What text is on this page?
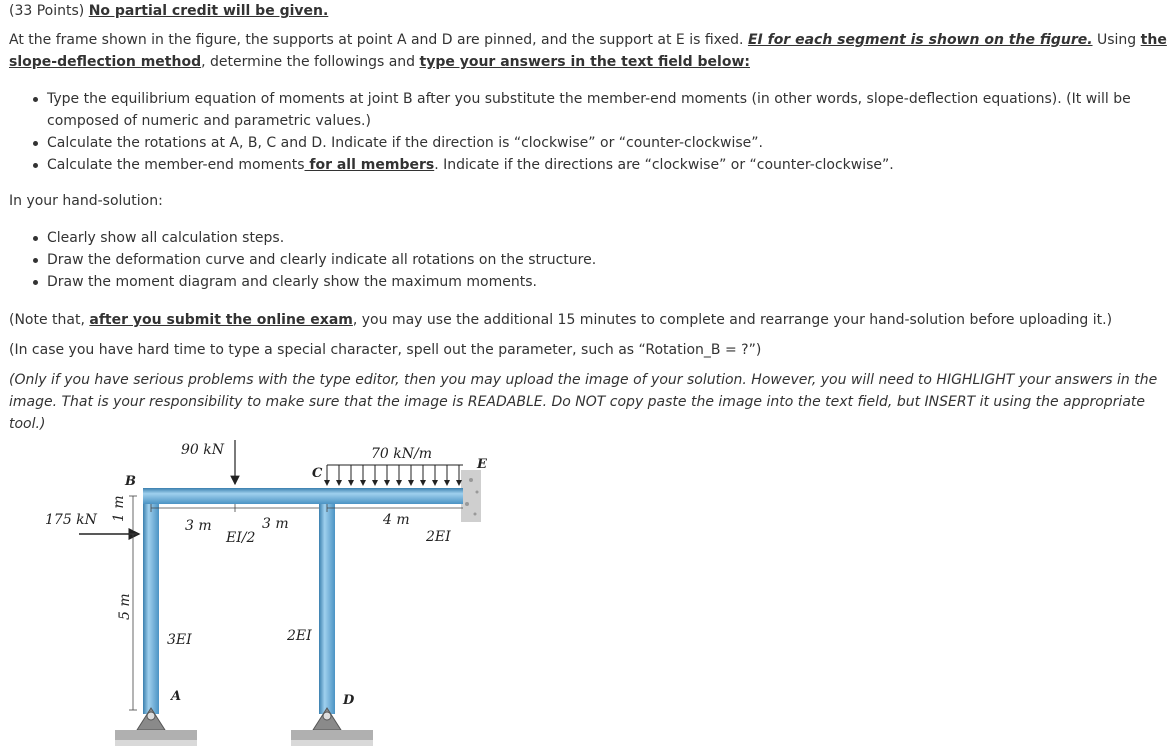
(33 Points) No partial credit will be given.
At the frame shown in the figure, the supports at point A and D are pinned, and the support at E is fixed. EI for each segment is shown on the figure. Using the slope-deflection method, determine the followings and type your answers in the text field below:
Type the equilibrium equation of moments at joint B after you substitute the member-end moments (in other words, slope-deflection equations). (It will be composed of numeric and parametric values.)
Calculate the rotations at A, B, C and D. Indicate if the direction is “clockwise” or “counter-clockwise”.
Calculate the member-end moments for all members. Indicate if the directions are “clockwise” or “counter-clockwise”.
In your hand-solution:
Clearly show all calculation steps.
Draw the deformation curve and clearly indicate all rotations on the structure.
Draw the moment diagram and clearly show the maximum moments.
(Note that, after you submit the online exam, you may use the additional 15 minutes to complete and rearrange your hand-solution before uploading it.)
(In case you have hard time to type a special character, spell out the parameter, such as “Rotation_B = ?”)
(Only if you have serious problems with the type editor, then you may upload the image of your solution. However, you will need to HIGHLIGHT your answers in the image. That is your responsibility to make sure that the image is READABLE. Do NOT copy paste the image into the text field, but INSERT it using the appropriate tool.)
90 kN	70 kN/m
175 kN
B
C
E
A	D
1 m
5 m
3 m	3 m	4 m
EI/2	2EI
3EI	2EI
